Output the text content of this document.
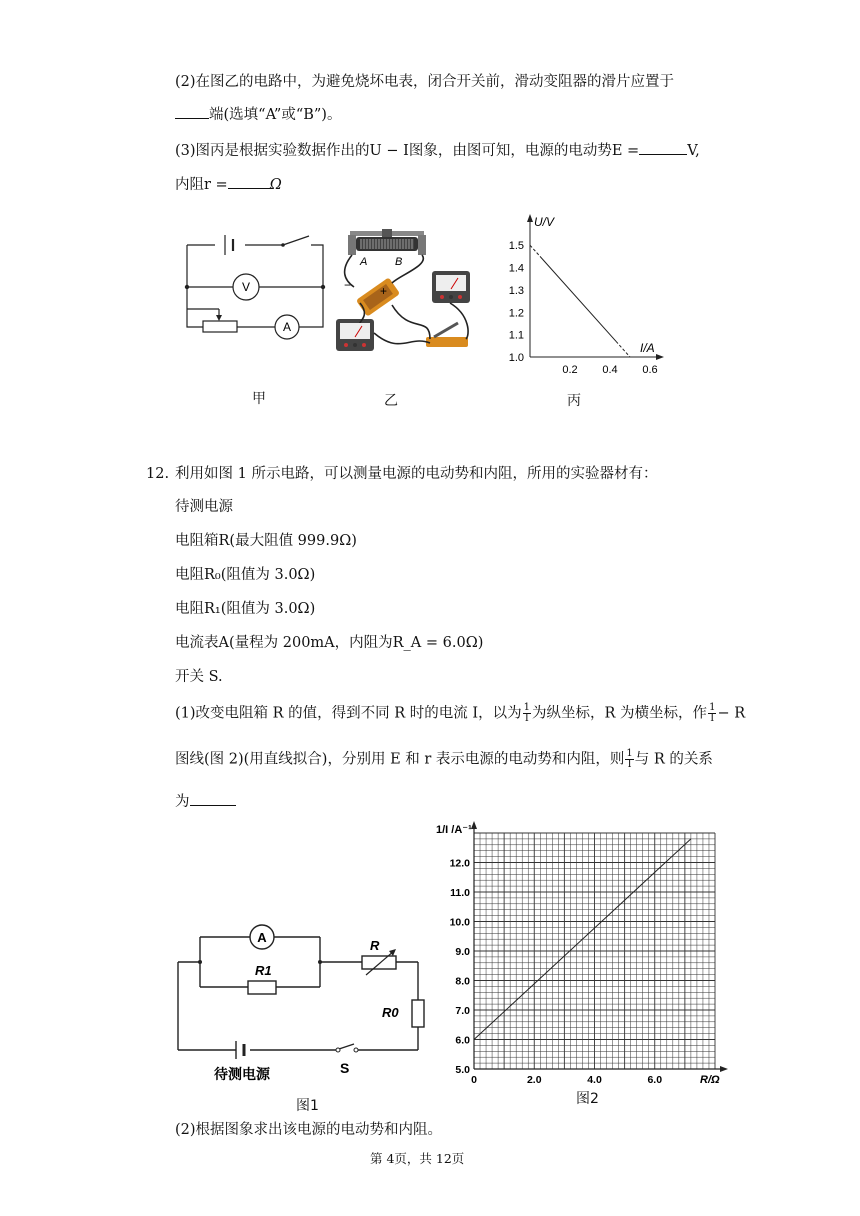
(2)在图乙的电路中，为避免烧坏电表，闭合开关前，滑动变阻器的滑片应置于
端(选填“A”或“B”)。
(3)图丙是根据实验数据作出的U − I图象，由图可知，电源的电动势E =	V,
内阻r =	Ω
V
A
A	B
− +
U/V
I/A
1.0
1.1
1.2
1.3
1.4
1.5
0.2 0.4 0.6
甲	乙	丙
12. 利用如图 1 所示电路，可以测量电源的电动势和内阻，所用的实验器材有：
待测电源
电阻箱R(最大阻值 999.9Ω)
电阻R₀(阻值为 3.0Ω)
电阻R₁(阻值为 3.0Ω)
电流表A(量程为 200mA，内阻为R_A = 6.0Ω)
开关 S.
(1)改变电阻箱 R 的值，得到不同 R 时的电流 I，以为 $\frac{1}{I}$ 为纵坐标，R 为横坐标，作 $\frac{1}{I} - R$
图线(图 2)(用直线拟合)，分别用 E 和 r 表示电源的电动势和内阻，则 $\frac{1}{I}$ 与 R 的关系
为
A
R1
R
R0
待测电源	S
图1
1/I /A⁻¹
R/Ω
5.0
6.0
7.0
8.0
9.0
10.0
11.0
12.0
0	2.0	4.0	6.0
图2
(2)根据图象求出该电源的电动势和内阻。
第 4页，共 12页
